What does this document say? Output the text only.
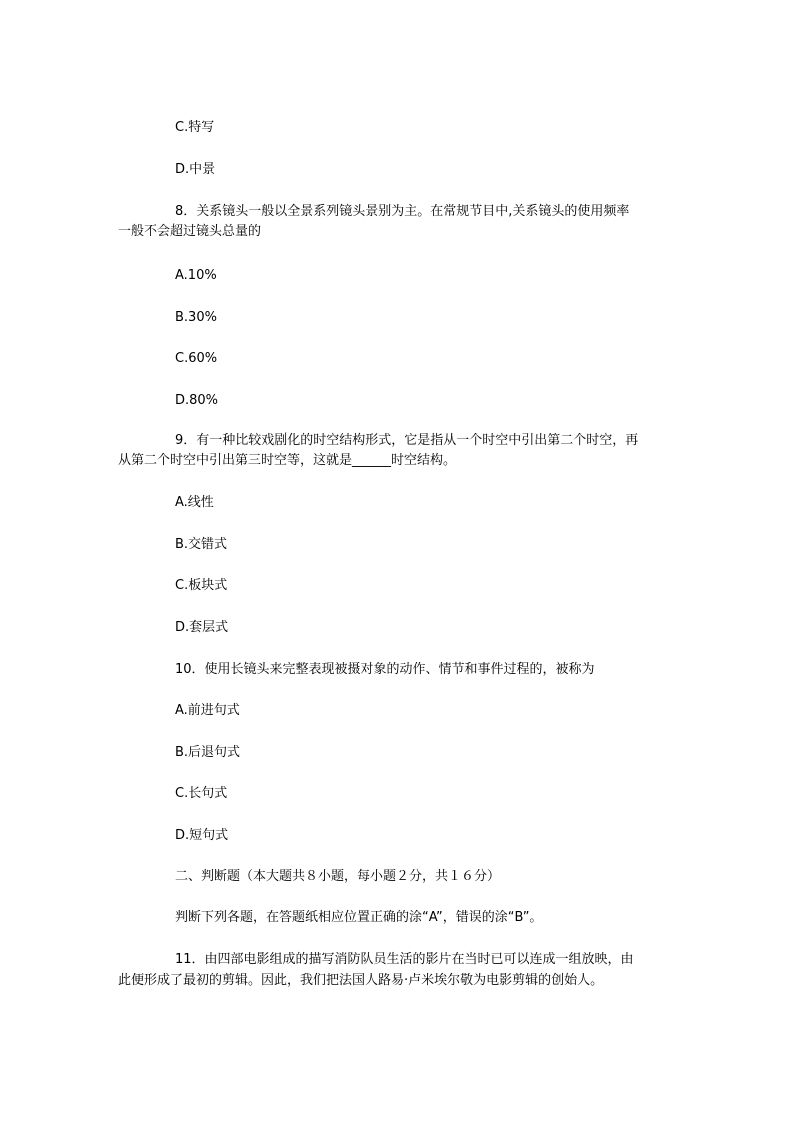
C.特写
D.中景
8．关系镜头一般以全景系列镜头景别为主。在常规节目中,关系镜头的使用频率
一般不会超过镜头总量的
A.10%
B.30%
C.60%
D.80%
9．有一种比较戏剧化的时空结构形式，它是指从一个时空中引出第二个时空，再
从第二个时空中引出第三时空等，这就是______时空结构。
A.线性
B.交错式
C.板块式
D.套层式
10．使用长镜头来完整表现被摄对象的动作、情节和事件过程的，被称为
A.前进句式
B.后退句式
C.长句式
D.短句式
二、判断题（本大题共８小题，每小题２分，共１６分）
判断下列各题，在答题纸相应位置正确的涂“A”，错误的涂“B”。
11．由四部电影组成的描写消防队员生活的影片在当时已可以连成一组放映，由
此便形成了最初的剪辑。因此，我们把法国人路易·卢米埃尔敬为电影剪辑的创始人。
